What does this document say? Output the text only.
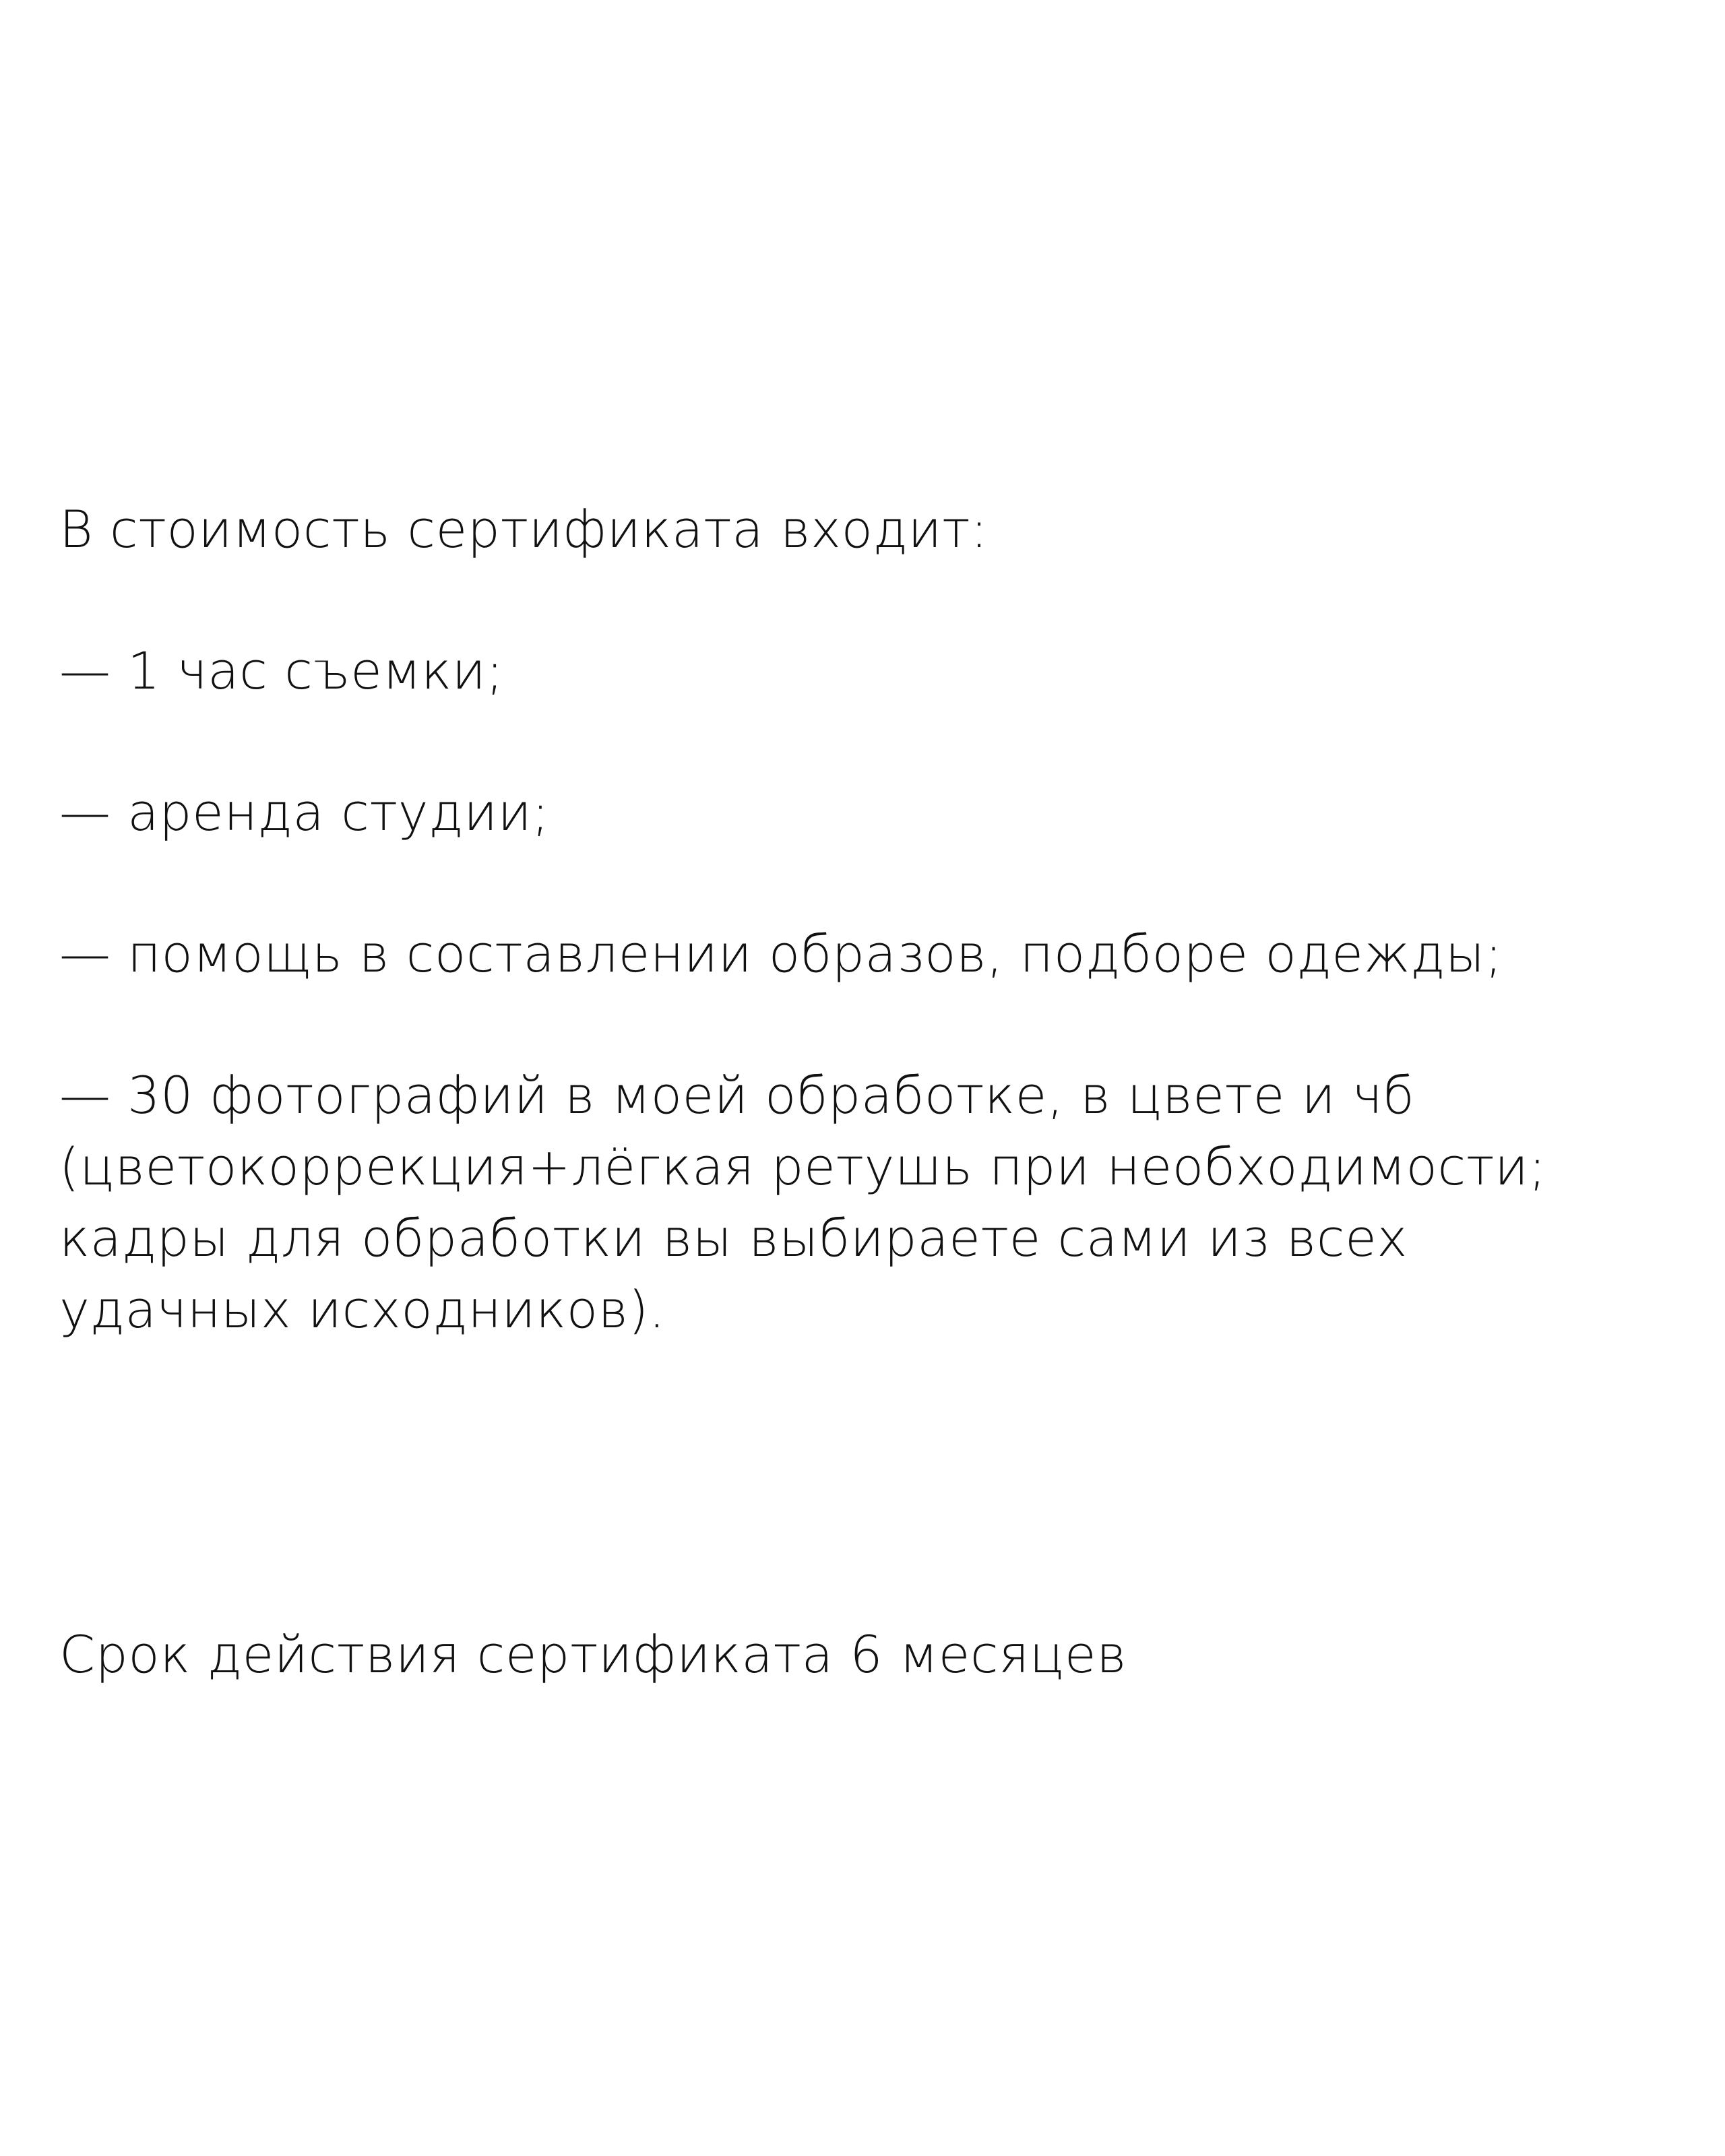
В стоимость сертификата входит:

— 1 час съемки;

— аренда студии;

— помощь в составлении образов, подборе одежды;

— 30 фотографий в моей обработке, в цвете и чб

(цветокоррекция+лёгкая ретушь при необходимости;

кадры для обработки вы выбираете сами из всех

удачных исходников).

Срок действия сертификата 6 месяцев
